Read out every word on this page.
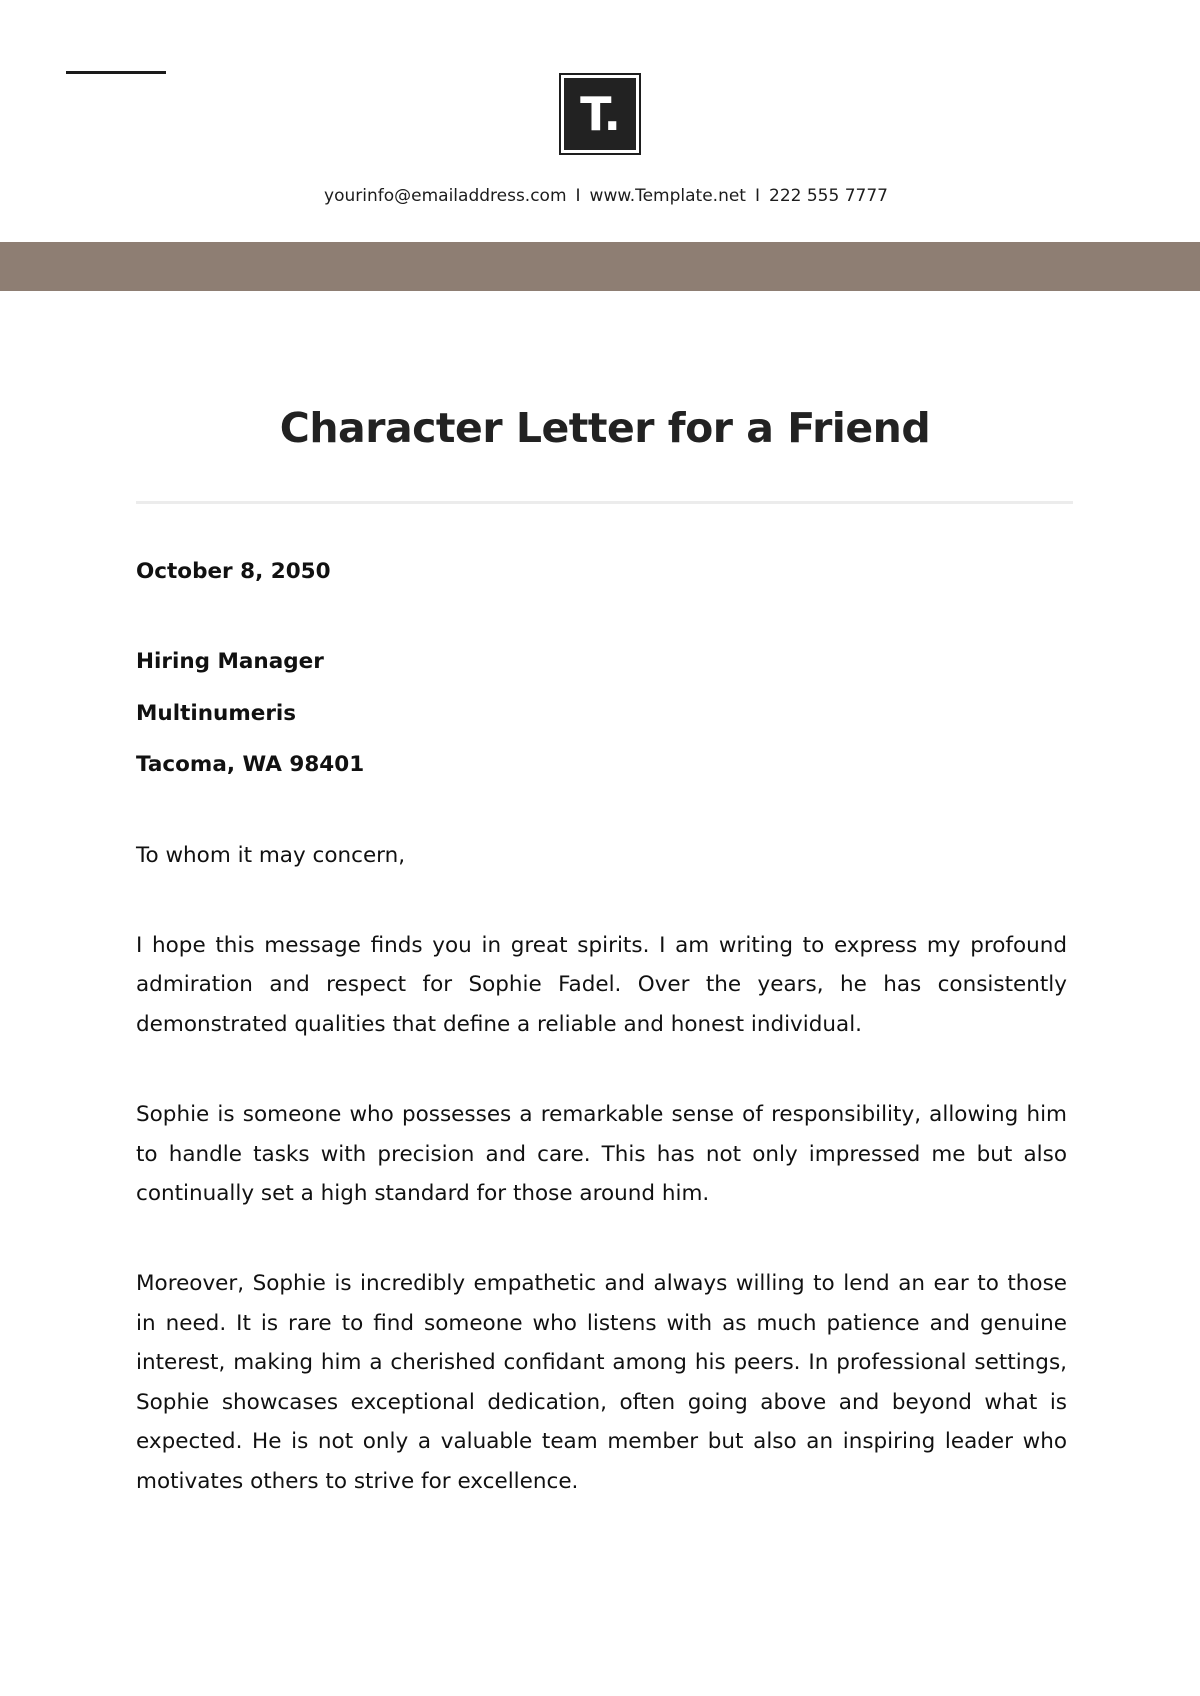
T.
yourinfo@emailaddress.com I www.Template.net I 222 555 7777
Character Letter for a Friend

October 8, 2050

Hiring Manager

Multinumeris

Tacoma, WA 98401

To whom it may concern,

I hope this message finds you in great spirits. I am writing to express my profound admiration and respect for Sophie Fadel. Over the years, he has consistently demonstrated qualities that define a reliable and honest individual.

Sophie is someone who possesses a remarkable sense of responsibility, allowing him to handle tasks with precision and care. This has not only impressed me but also continually set a high standard for those around him.

Moreover, Sophie is incredibly empathetic and always willing to lend an ear to those in need. It is rare to find someone who listens with as much patience and genuine interest, making him a cherished confidant among his peers. In professional settings, Sophie showcases exceptional dedication, often going above and beyond what is expected. He is not only a valuable team member but also an inspiring leader who motivates others to strive for excellence.
